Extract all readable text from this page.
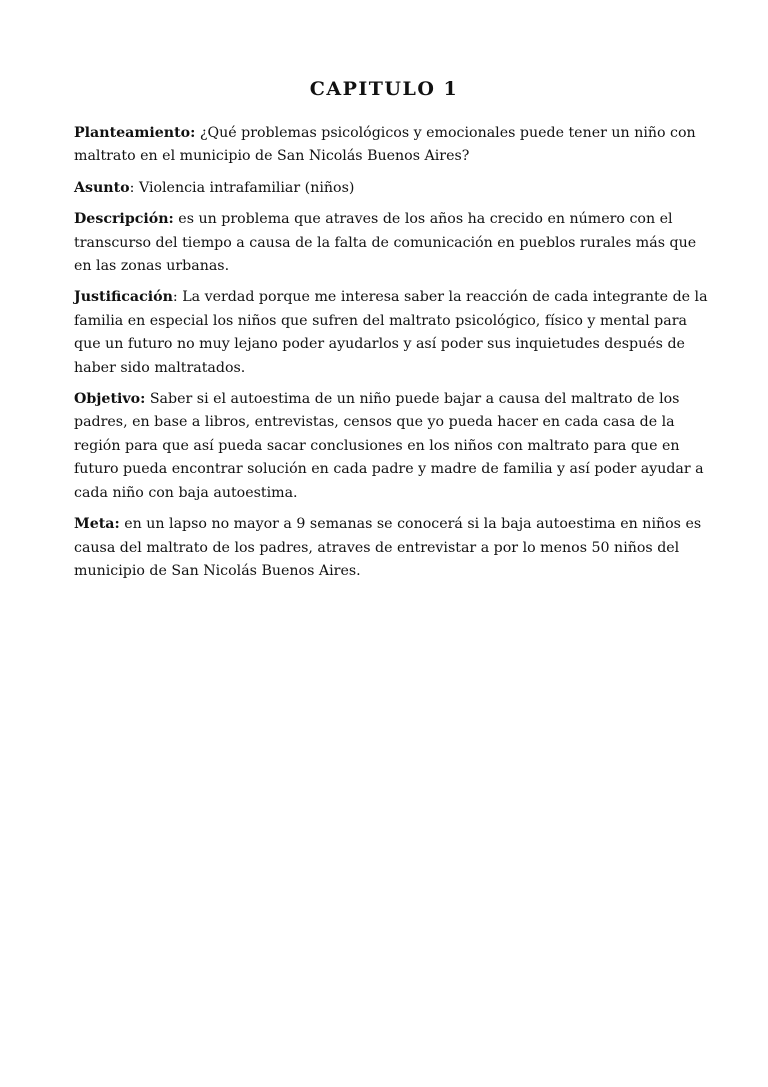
CAPITULO 1

Planteamiento: ¿Qué problemas psicológicos y emocionales puede tener un niño con maltrato en el municipio de San Nicolás Buenos Aires?

Asunto: Violencia intrafamiliar (niños)

Descripción: es un problema que atraves de los años ha crecido en número con el transcurso del tiempo a causa de la falta de comunicación en pueblos rurales más que en las zonas urbanas.

Justificación: La verdad porque me interesa saber la reacción de cada integrante de la familia en especial los niños que sufren del maltrato psicológico, físico y mental para que un futuro no muy lejano poder ayudarlos y así poder sus inquietudes después de haber sido maltratados.

Objetivo: Saber si el autoestima de un niño puede bajar a causa del maltrato de los padres, en base a libros, entrevistas, censos que yo pueda hacer en cada casa de la región para que así pueda sacar conclusiones en los niños con maltrato para que en futuro pueda encontrar solución en cada padre y madre de familia y así poder ayudar a cada niño con baja autoestima.

Meta: en un lapso no mayor a 9 semanas se conocerá si la baja autoestima en niños es causa del maltrato de los padres, atraves de entrevistar a por lo menos 50 niños del municipio de San Nicolás Buenos Aires.
